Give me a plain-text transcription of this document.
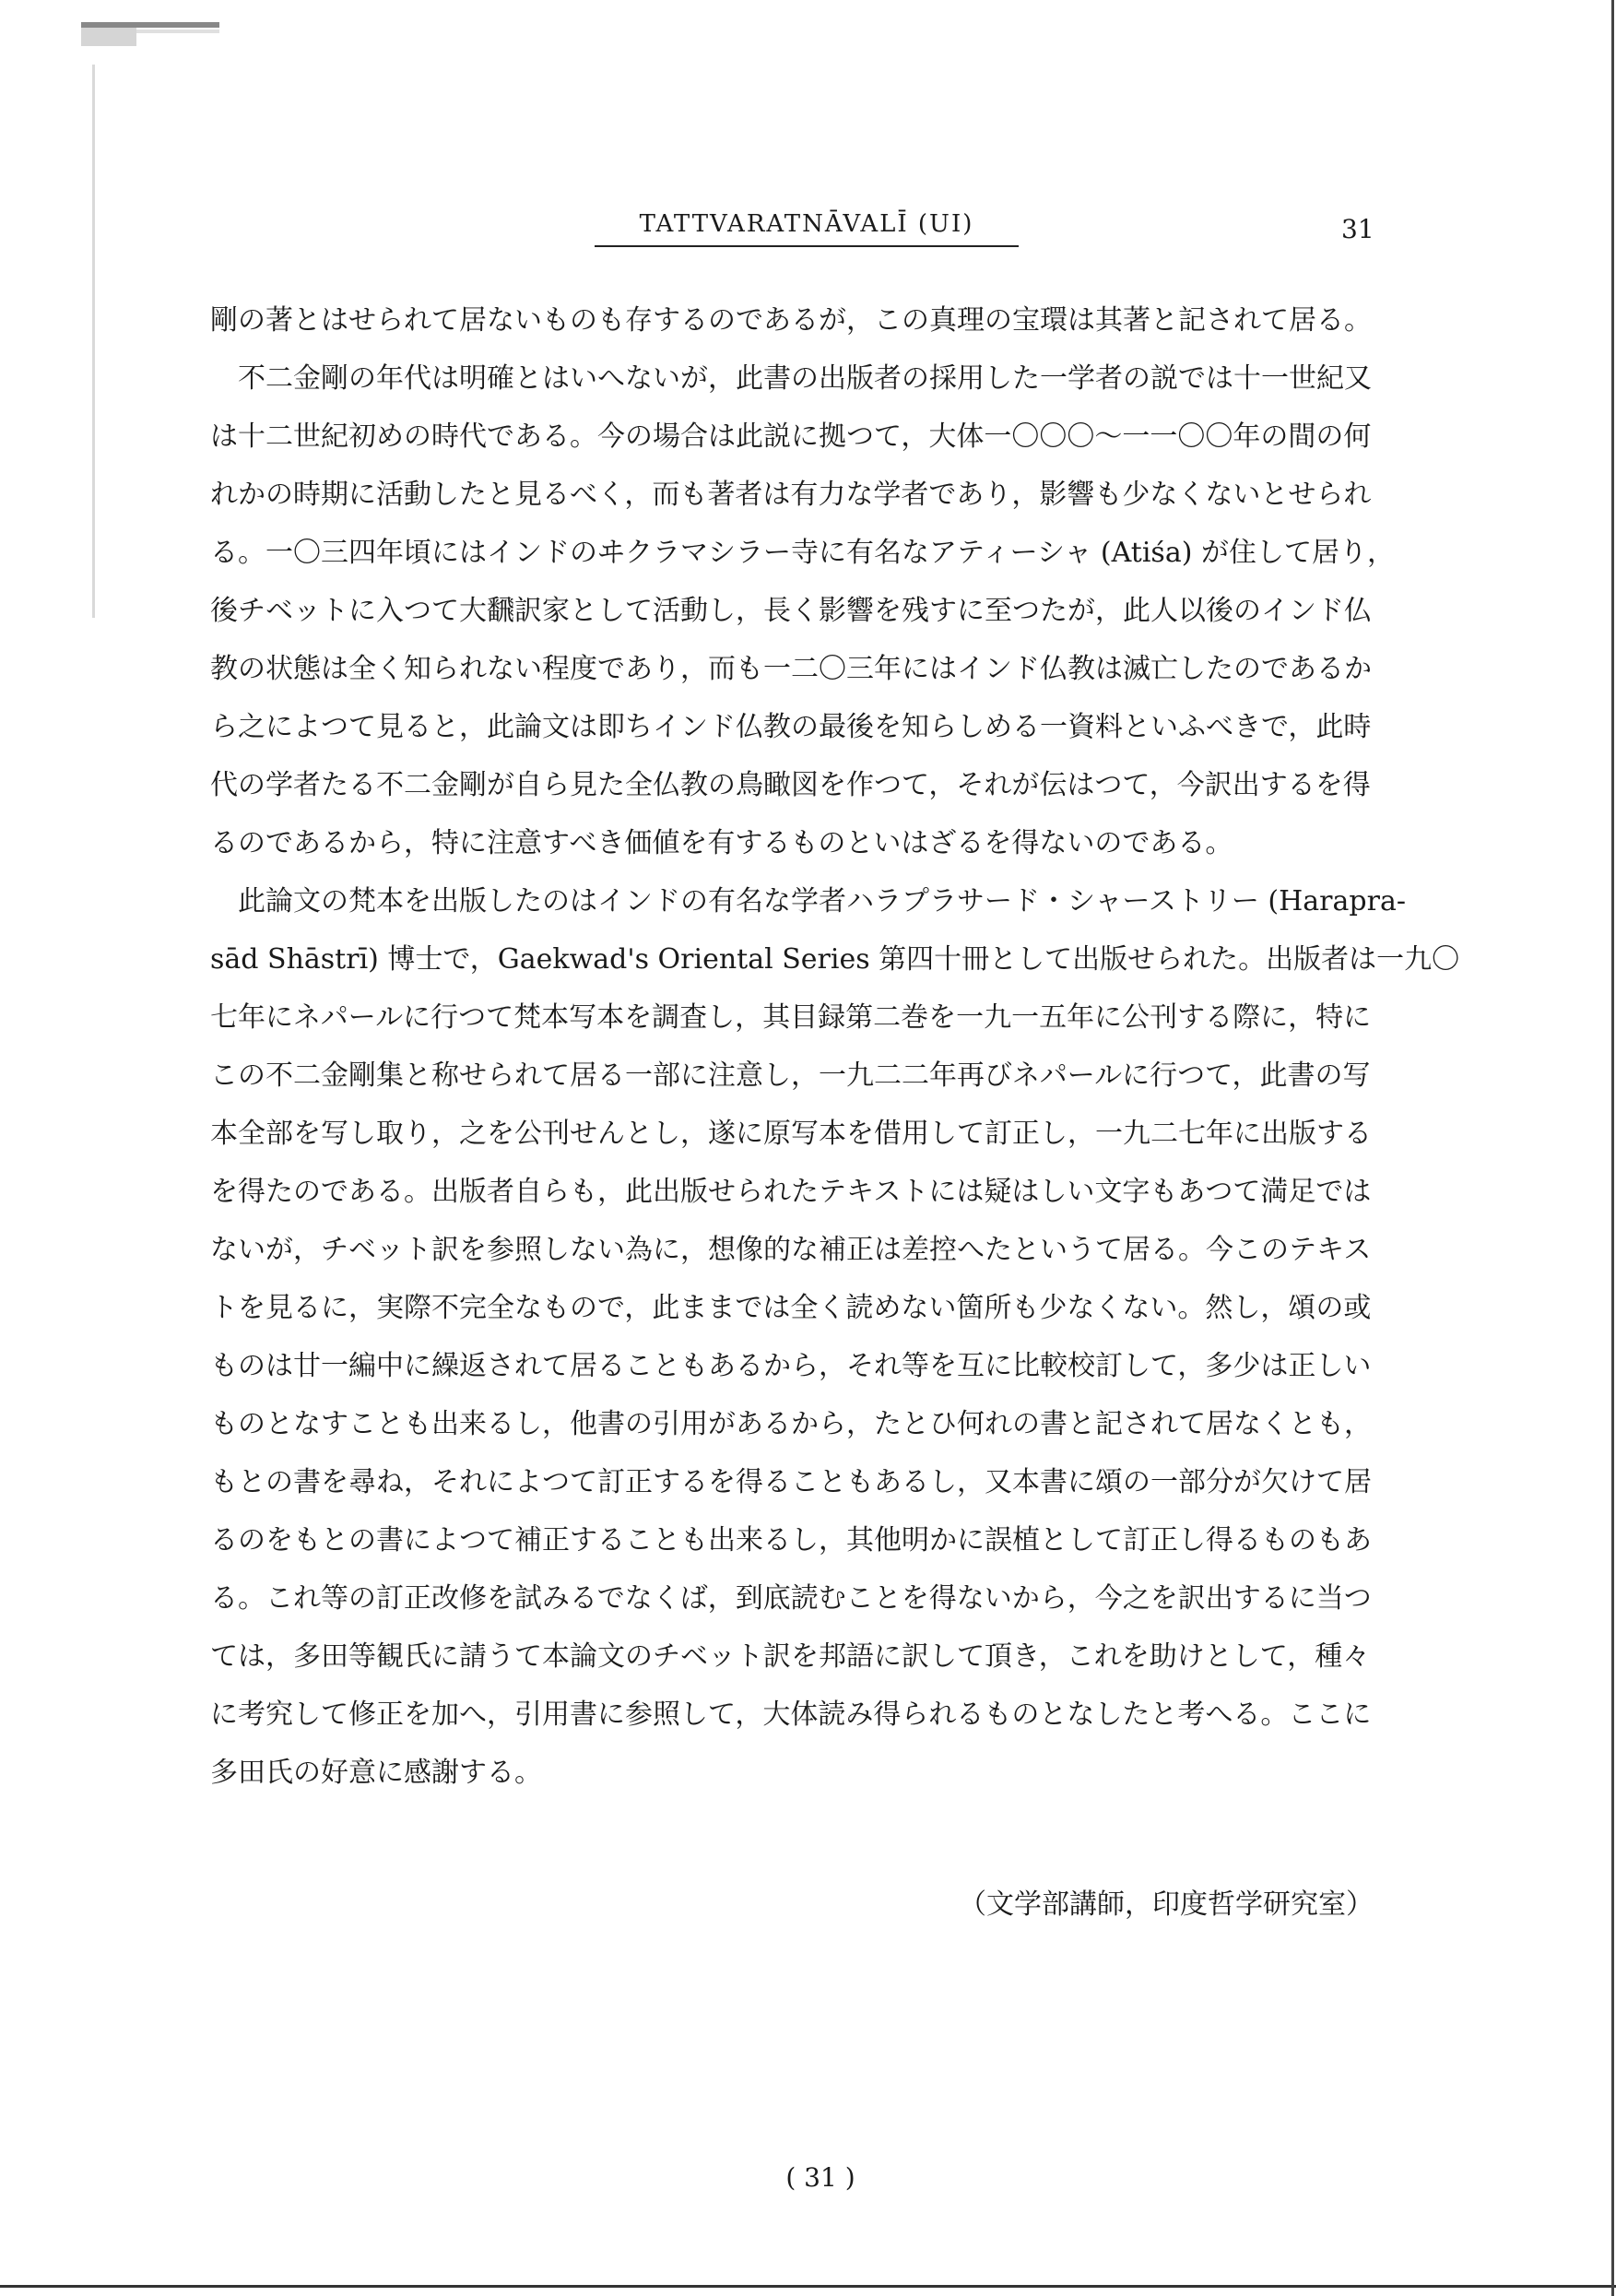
TATTVARATNĀVALĪ (UI)	31

剛の著とはせられて居ないものも存するのであるが，この真理の宝環は其著と記されて居る。

不二金剛の年代は明確とはいへないが，此書の出版者の採用した一学者の説では十一世紀又
は十二世紀初めの時代である。今の場合は此説に拠つて，大体一〇〇〇〜一一〇〇年の間の何
れかの時期に活動したと見るべく，而も著者は有力な学者であり，影響も少なくないとせられ
る。一〇三四年頃にはインドのヰクラマシラー寺に有名なアティーシャ (Atiśa) が住して居り，
後チベットに入つて大飜訳家として活動し，長く影響を残すに至つたが，此人以後のインド仏
教の状態は全く知られない程度であり，而も一二〇三年にはインド仏教は滅亡したのであるか
ら之によつて見ると，此論文は即ちインド仏教の最後を知らしめる一資料といふべきで，此時
代の学者たる不二金剛が自ら見た全仏教の鳥瞰図を作つて，それが伝はつて，今訳出するを得
るのであるから，特に注意すべき価値を有するものといはざるを得ないのである。

此論文の梵本を出版したのはインドの有名な学者ハラプラサード・シャーストリー (Harapra-
sād Shāstrī) 博士で，Gaekwad's Oriental Series 第四十冊として出版せられた。出版者は一九〇
七年にネパールに行つて梵本写本を調査し，其目録第二巻を一九一五年に公刊する際に，特に
この不二金剛集と称せられて居る一部に注意し，一九二二年再びネパールに行つて，此書の写
本全部を写し取り，之を公刊せんとし，遂に原写本を借用して訂正し，一九二七年に出版する
を得たのである。出版者自らも，此出版せられたテキストには疑はしい文字もあつて満足では
ないが，チベット訳を参照しない為に，想像的な補正は差控へたというて居る。今このテキス
トを見るに，実際不完全なもので，此ままでは全く読めない箇所も少なくない。然し，頌の或
ものは廿一編中に繰返されて居ることもあるから，それ等を互に比較校訂して，多少は正しい
ものとなすことも出来るし，他書の引用があるから，たとひ何れの書と記されて居なくとも，
もとの書を尋ね，それによつて訂正するを得ることもあるし，又本書に頌の一部分が欠けて居
るのをもとの書によつて補正することも出来るし，其他明かに誤植として訂正し得るものもあ
る。これ等の訂正改修を試みるでなくば，到底読むことを得ないから，今之を訳出するに当つ
ては，多田等観氏に請うて本論文のチベット訳を邦語に訳して頂き，これを助けとして，種々
に考究して修正を加へ，引用書に参照して，大体読み得られるものとなしたと考へる。ここに
多田氏の好意に感謝する。

（文学部講師，印度哲学研究室）
( 31 )
